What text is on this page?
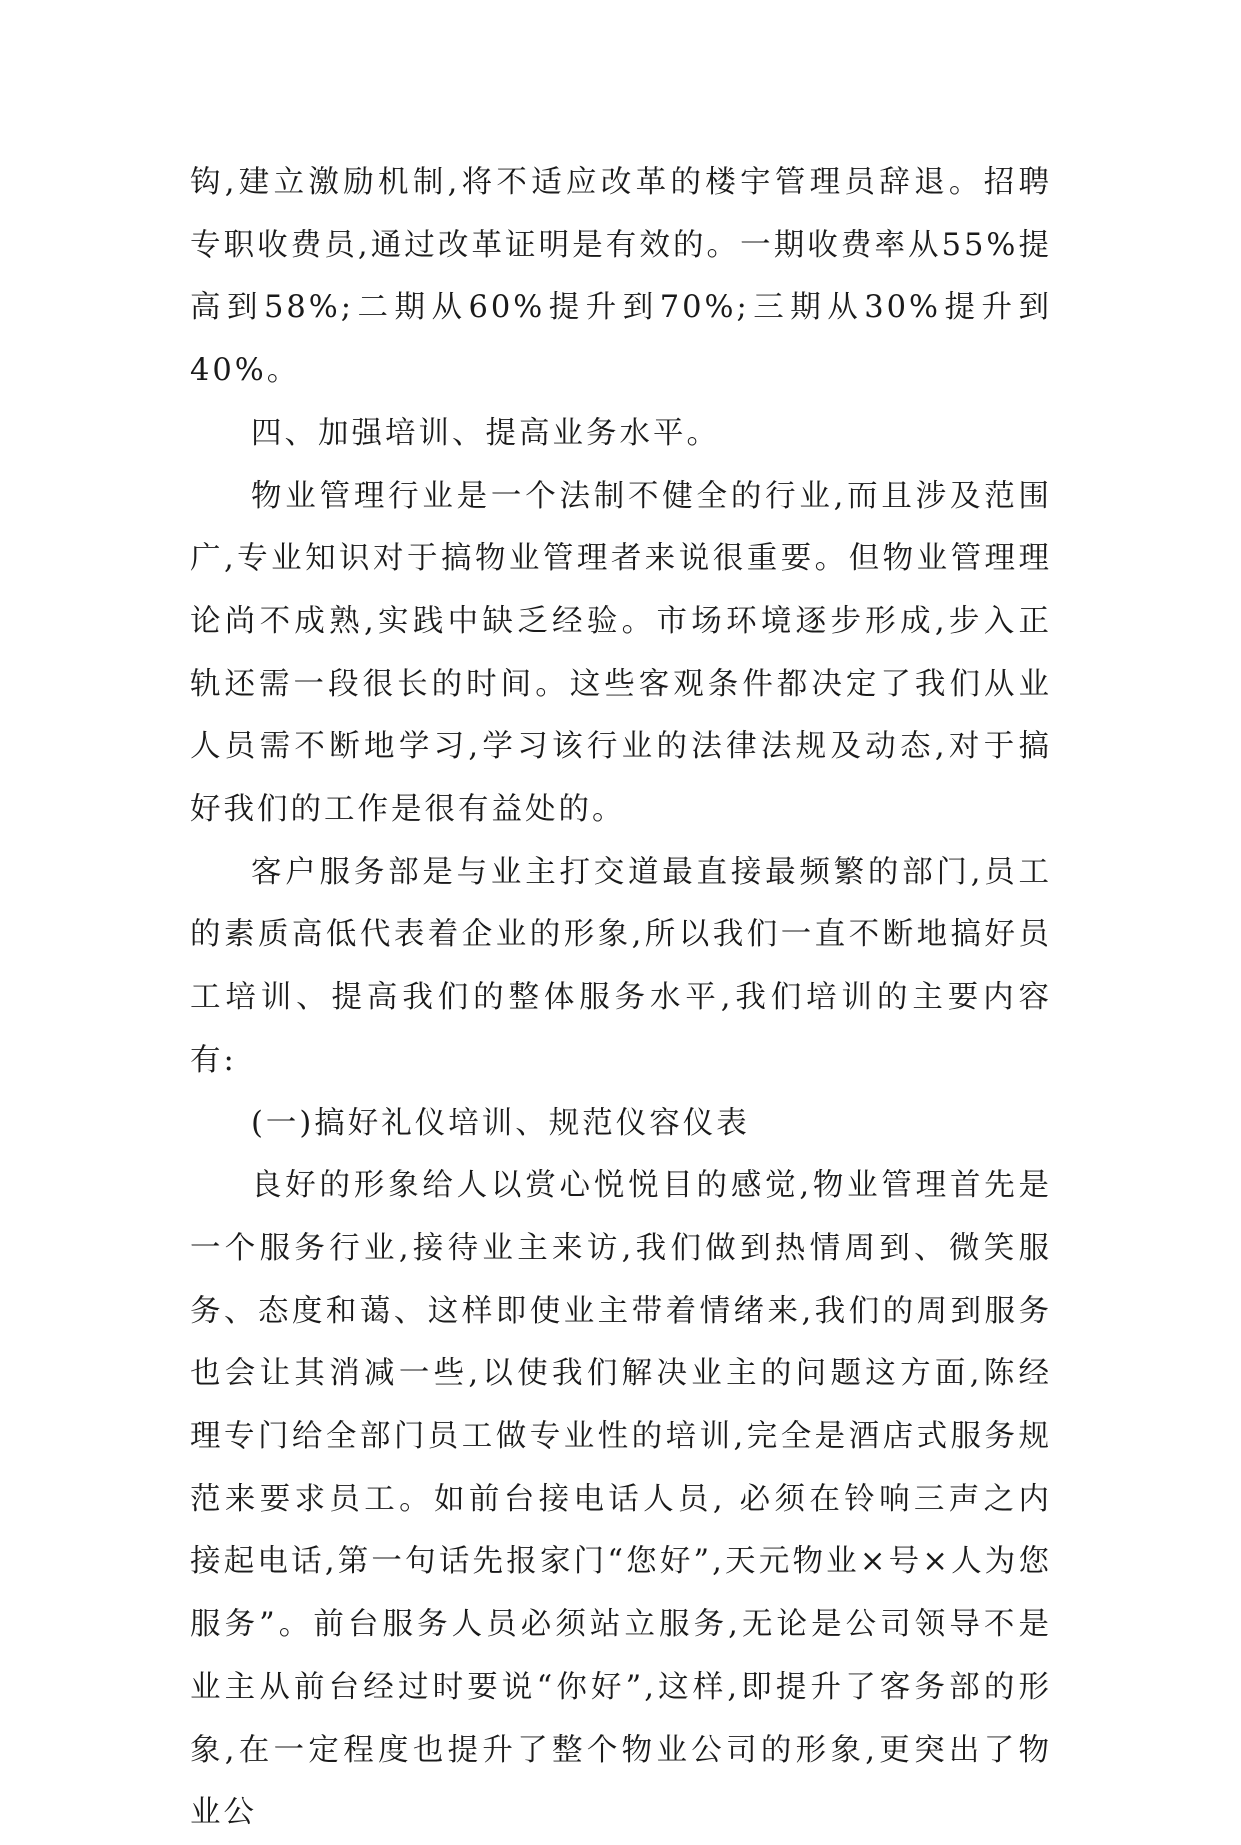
钩,建立激励机制,将不适应改革的楼宇管理员辞退。招聘专职收费员,通过改革证明是有效的。一期收费率从55%提高到58%;二期从60%提升到70%;三期从30%提升到40%。

四、加强培训、提高业务水平。

物业管理行业是一个法制不健全的行业,而且涉及范围广,专业知识对于搞物业管理者来说很重要。但物业管理理论尚不成熟,实践中缺乏经验。市场环境逐步形成,步入正轨还需一段很长的时间。这些客观条件都决定了我们从业人员需不断地学习,学习该行业的法律法规及动态,对于搞好我们的工作是很有益处的。

客户服务部是与业主打交道最直接最频繁的部门,员工的素质高低代表着企业的形象,所以我们一直不断地搞好员工培训、提高我们的整体服务水平,我们培训的主要内容有:

(一)搞好礼仪培训、规范仪容仪表

良好的形象给人以赏心悦悦目的感觉,物业管理首先是一个服务行业,接待业主来访,我们做到热情周到、微笑服务、态度和蔼、这样即使业主带着情绪来,我们的周到服务也会让其消减一些,以使我们解决业主的问题这方面,陈经理专门给全部门员工做专业性的培训,完全是酒店式服务规范来要求员工。如前台接电话人员, 必须在铃响三声之内接起电话,第一句话先报家门“您好”,天元物业×号×人为您服务”。前台服务人员必须站立服务,无论是公司领导不是业主从前台经过时要说“你好”,这样,即提升了客务部的形象,在一定程度也提升了整个物业公司的形象,更突出了物业公
